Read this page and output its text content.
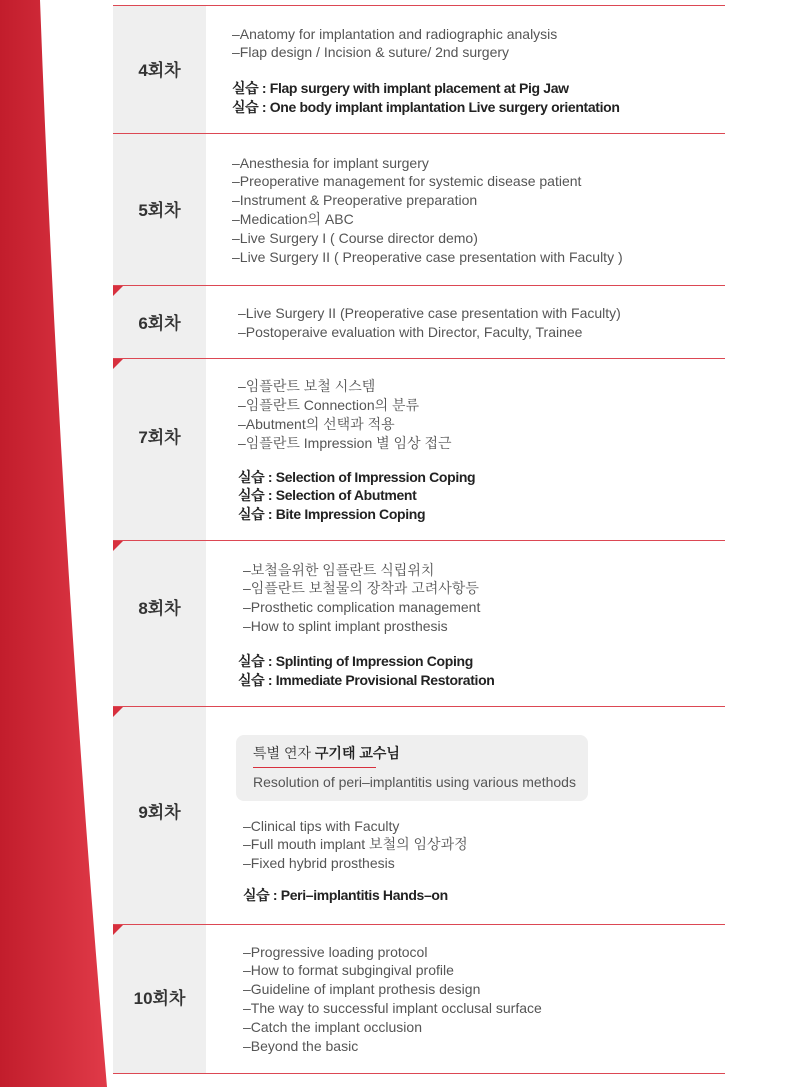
4회차
–Anatomy for implantation and radiographic analysis
–Flap design / Incision & suture/ 2nd surgery
실습 : Flap surgery with implant placement at Pig Jaw
실습 : One body implant implantation Live surgery orientation
5회차
–Anesthesia for implant surgery
–Preoperative management for systemic disease patient
–Instrument & Preoperative preparation
–Medication의 ABC
–Live Surgery I ( Course director demo)
–Live Surgery II ( Preoperative case presentation with Faculty )
6회차
–Live Surgery II (Preoperative case presentation with Faculty)
–Postoperaive evaluation with Director, Faculty, Trainee
7회차
–임플란트 보철 시스템
–임플란트 Connection의 분류
–Abutment의 선택과 적용
–임플란트 Impression 별 임상 접근
실습 : Selection of Impression Coping
실습 : Selection of Abutment
실습 : Bite Impression Coping
8회차
–보철을위한 임플란트 식립위치
–임플란트 보철물의 장착과 고려사항등
–Prosthetic complication management
–How to splint implant prosthesis
실습 : Splinting of Impression Coping
실습 : Immediate Provisional Restoration
9회차
특별 연자 구기태 교수님
Resolution of peri–implantitis using various methods
–Clinical tips with Faculty
–Full mouth implant 보철의 임상과정
–Fixed hybrid prosthesis
실습 : Peri–implantitis Hands–on
10회차
–Progressive loading protocol
–How to format subgingival profile
–Guideline of implant prothesis design
–The way to successful implant occlusal surface
–Catch the implant occlusion
–Beyond the basic
